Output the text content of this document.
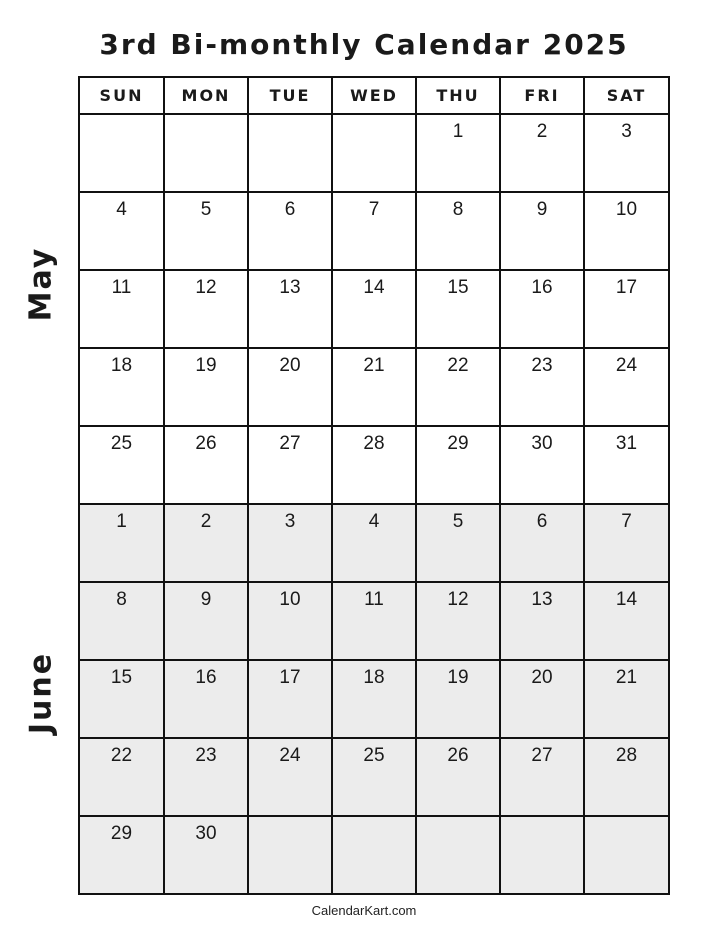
3rd Bi-monthly Calendar 2025
May
June
SUN	MON	TUE	WED	THU	FRI	SAT

				1	2	3

4	5	6	7	8	9	10

11	12	13	14	15	16	17

18	19	20	21	22	23	24

25	26	27	28	29	30	31

1	2	3	4	5	6	7

8	9	10	11	12	13	14

15	16	17	18	19	20	21

22	23	24	25	26	27	28

29	30					

CalendarKart.com
